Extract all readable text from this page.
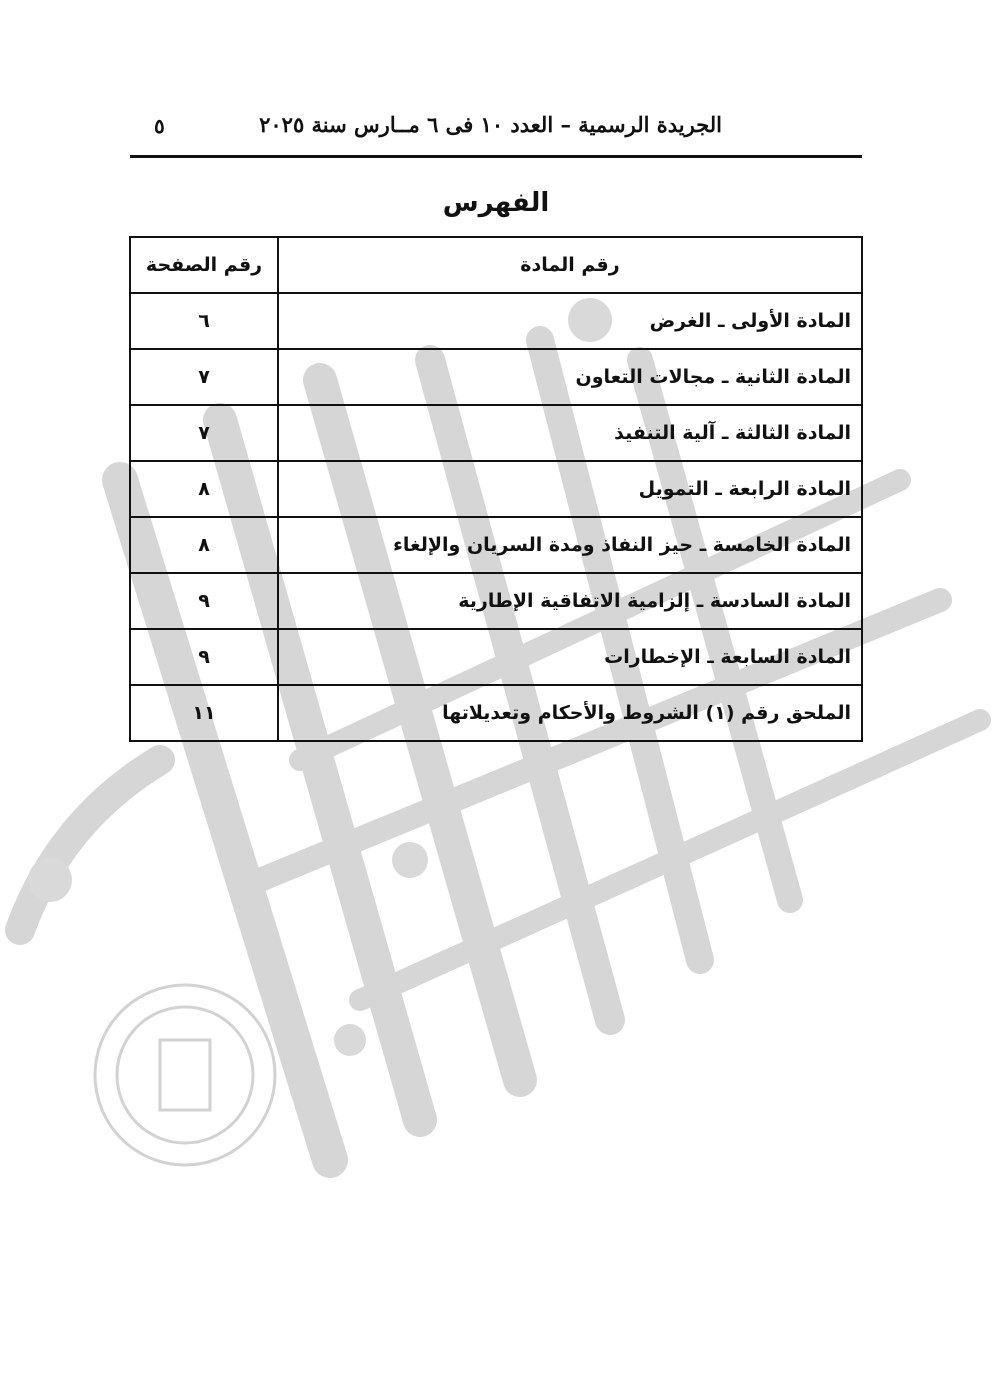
الجريدة الرسمية – العدد ١٠ فى ٦ مــارس سنة ٢٠٢٥
٥
الفهرس
رقم المادة	رقم الصفحة
المادة الأولى ـ الغرض	٦
المادة الثانية ـ مجالات التعاون	٧
المادة الثالثة ـ آلية التنفيذ	٧
المادة الرابعة ـ التمويل	٨
المادة الخامسة ـ حيز النفاذ ومدة السريان والإلغاء	٨
المادة السادسة ـ إلزامية الاتفاقية الإطارية	٩
المادة السابعة ـ الإخطارات	٩
الملحق رقم (١) الشروط والأحكام وتعديلاتها	١١
